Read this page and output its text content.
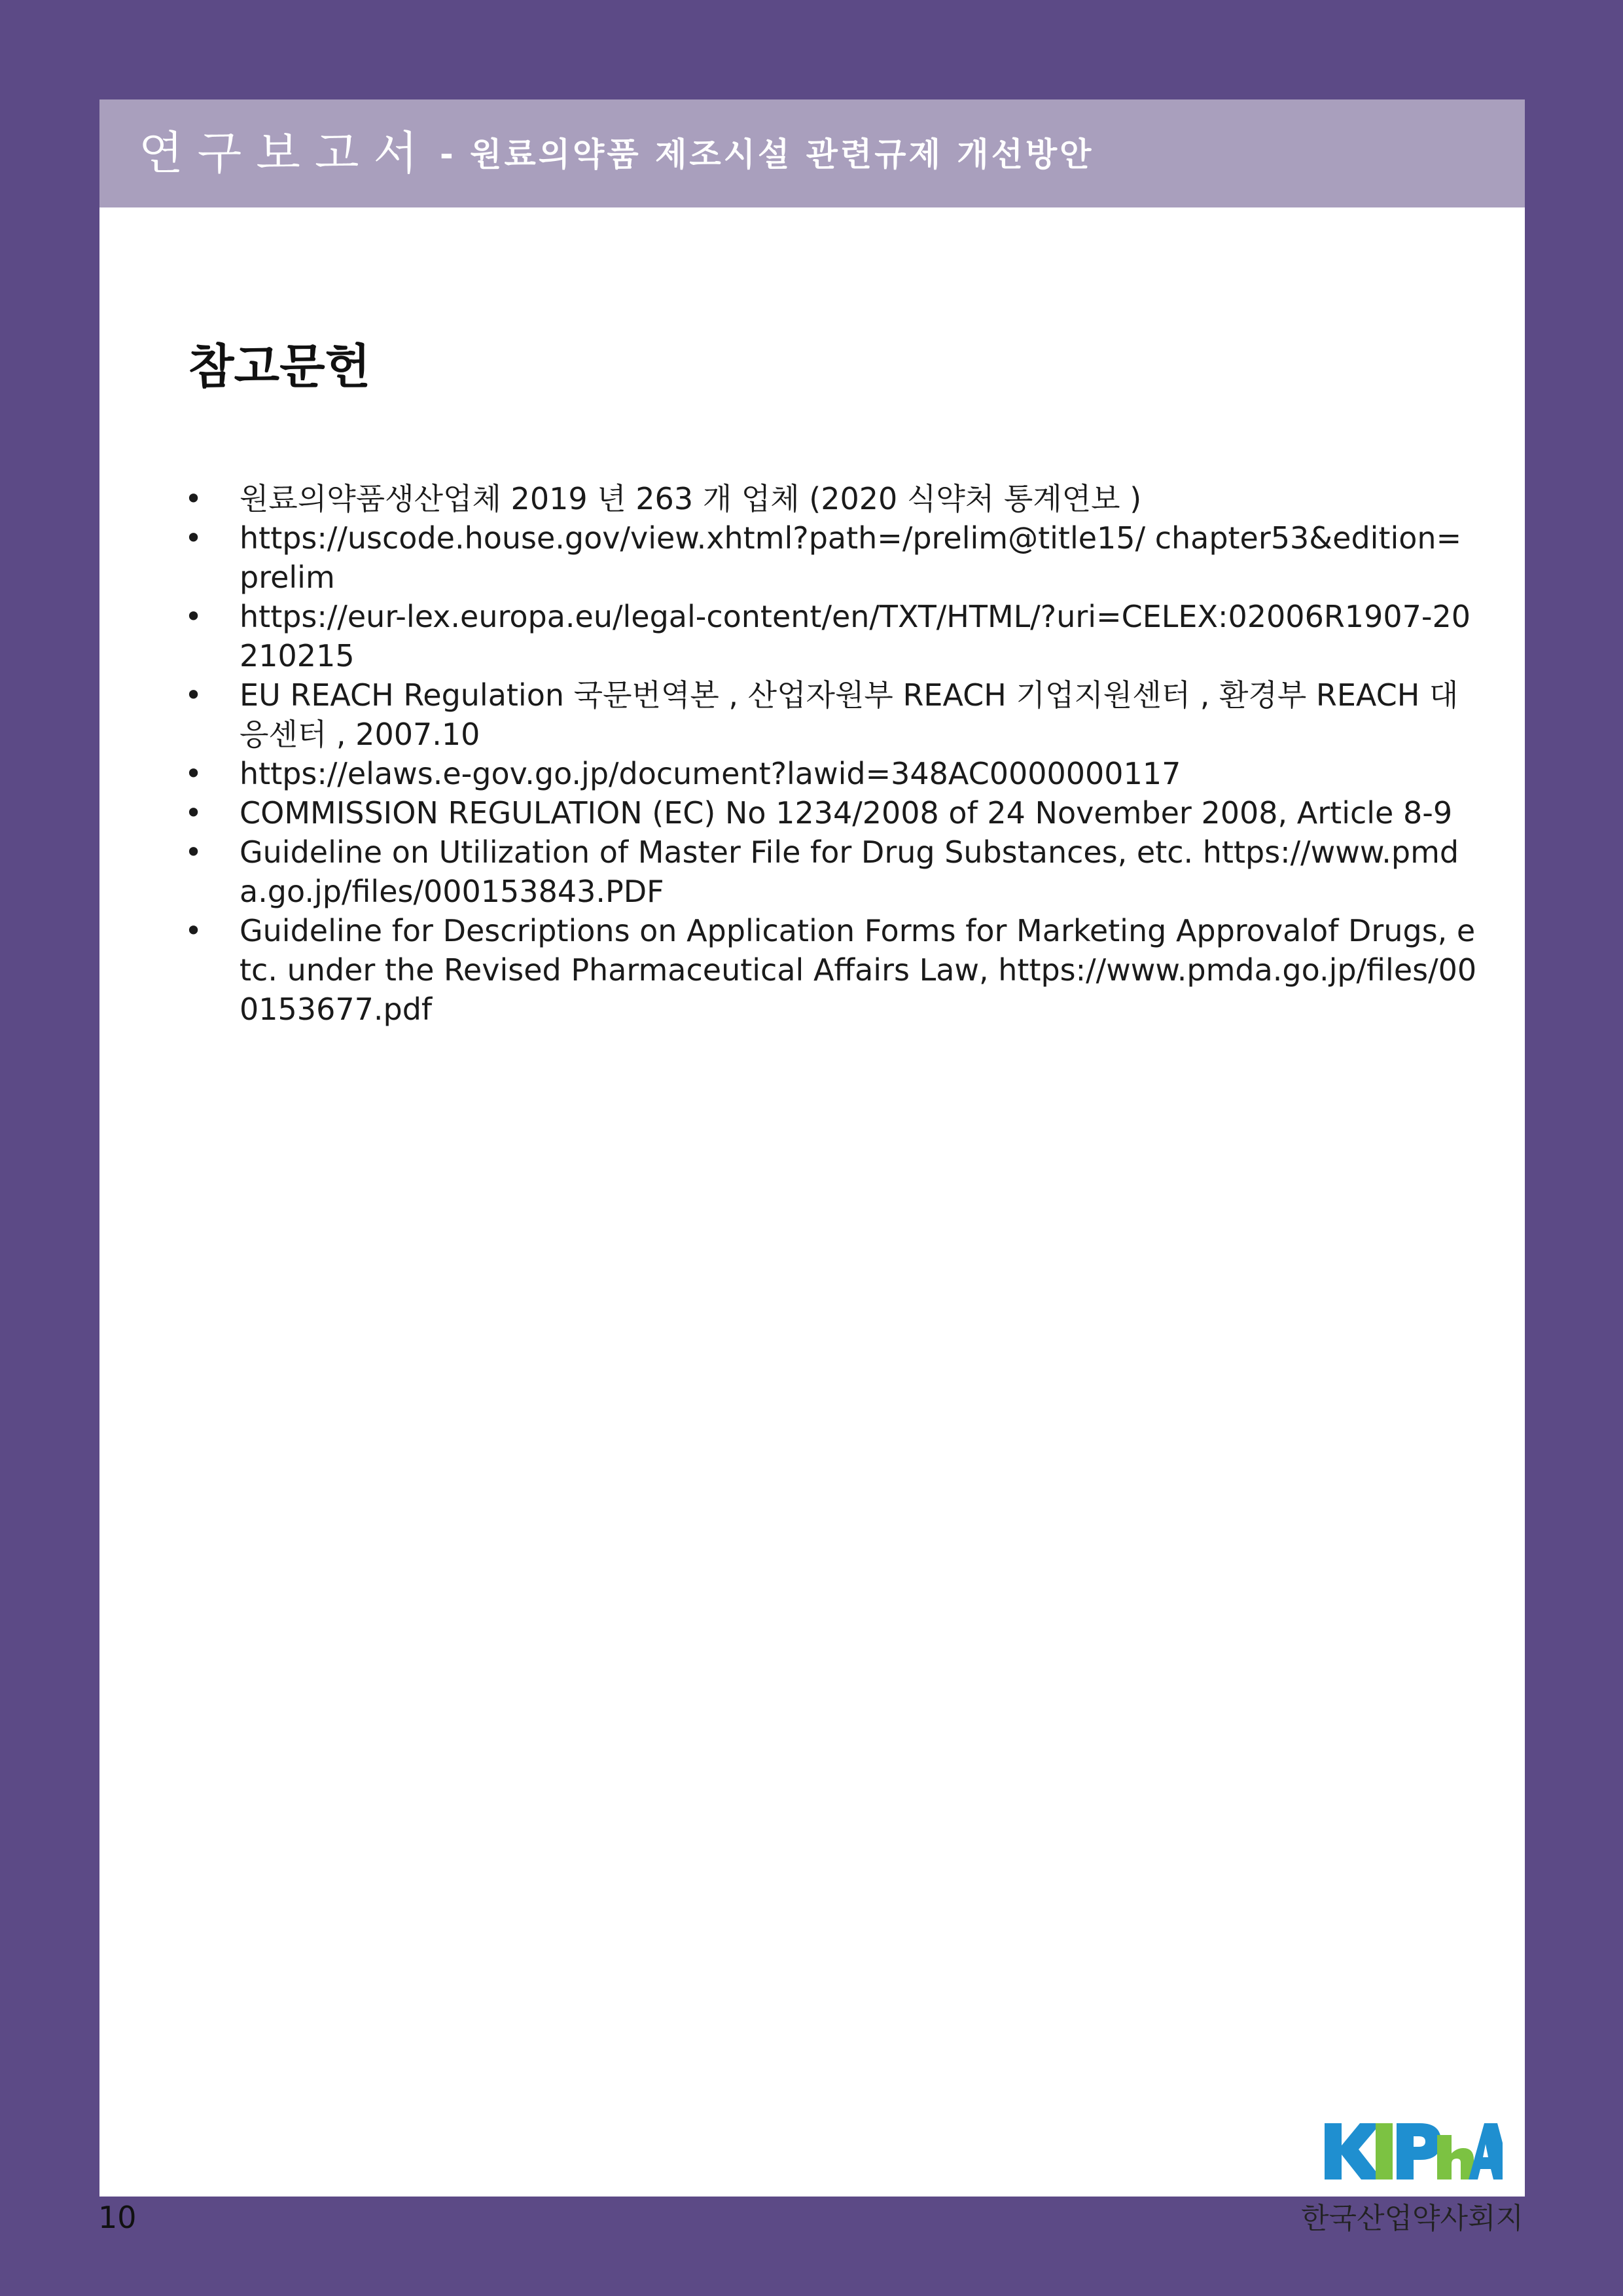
연구보고서 - 원료의약품 제조시설 관련규제 개선방안
참고문헌
•	원료의약품생산업체 2019 년 263 개 업체 (2020 식약처 통계연보 )
•	https://uscode.house.gov/view.xhtml?path=/prelim@title15/ chapter53&edition=prelim
•	https://eur-lex.europa.eu/legal-content/en/TXT/HTML/?uri=CELEX:02006R1907-20210215
•	EU REACH Regulation 국문번역본 , 산업자원부 REACH 기업지원센터 , 환경부 REACH 대응센터 , 2007.10
•	https://elaws.e-gov.go.jp/document?lawid=348AC0000000117
•	COMMISSION REGULATION (EC) No 1234/2008 of 24 November 2008, Article 8-9
•	Guideline on Utilization of Master File for Drug Substances, etc. https://www.pmda.go.jp/files/000153843.PDF
•	Guideline for Descriptions on Application Forms for Marketing Approvalof Drugs, etc. under the Revised Pharmaceutical Affairs Law, https://www.pmda.go.jp/files/000153677.pdf
10	한국산업약사회지
